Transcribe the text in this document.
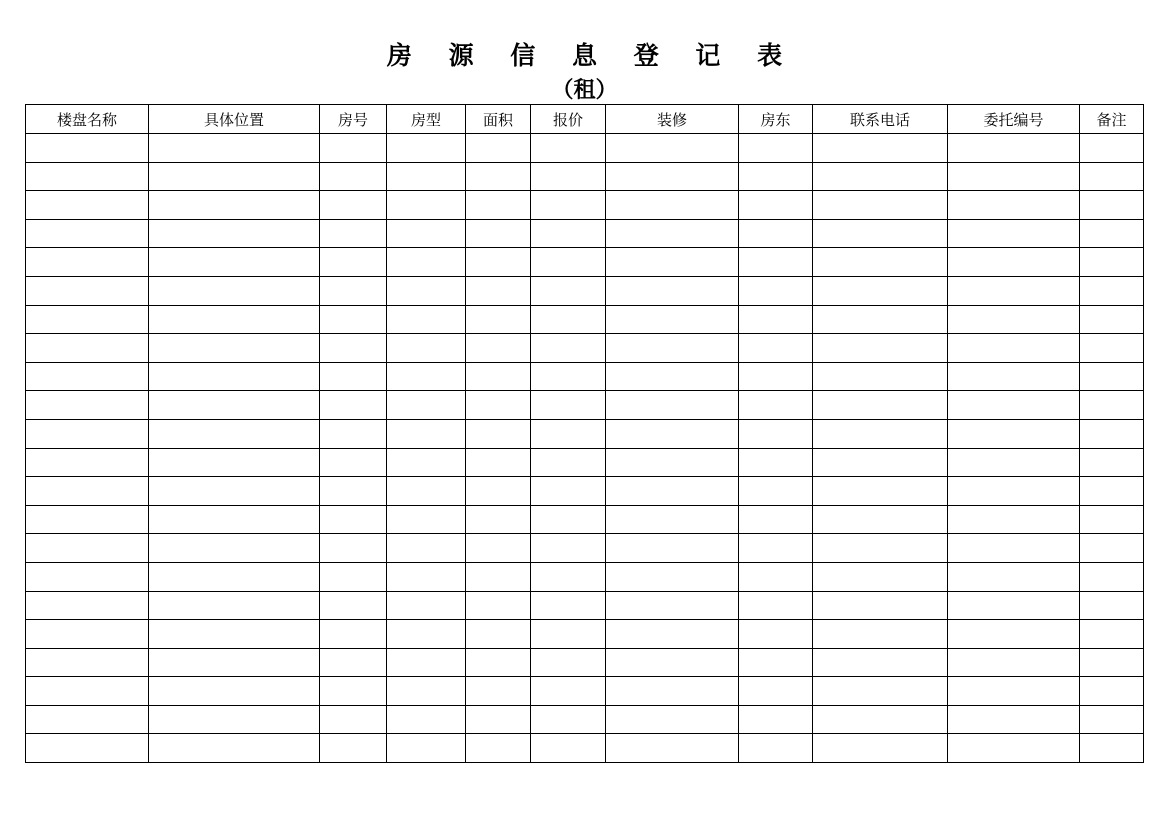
房 源 信 息 登 记 表
（租）
楼盘名称	具体位置	房号	房型	面积	报价	装修	房东	联系电话	委托编号	备注
